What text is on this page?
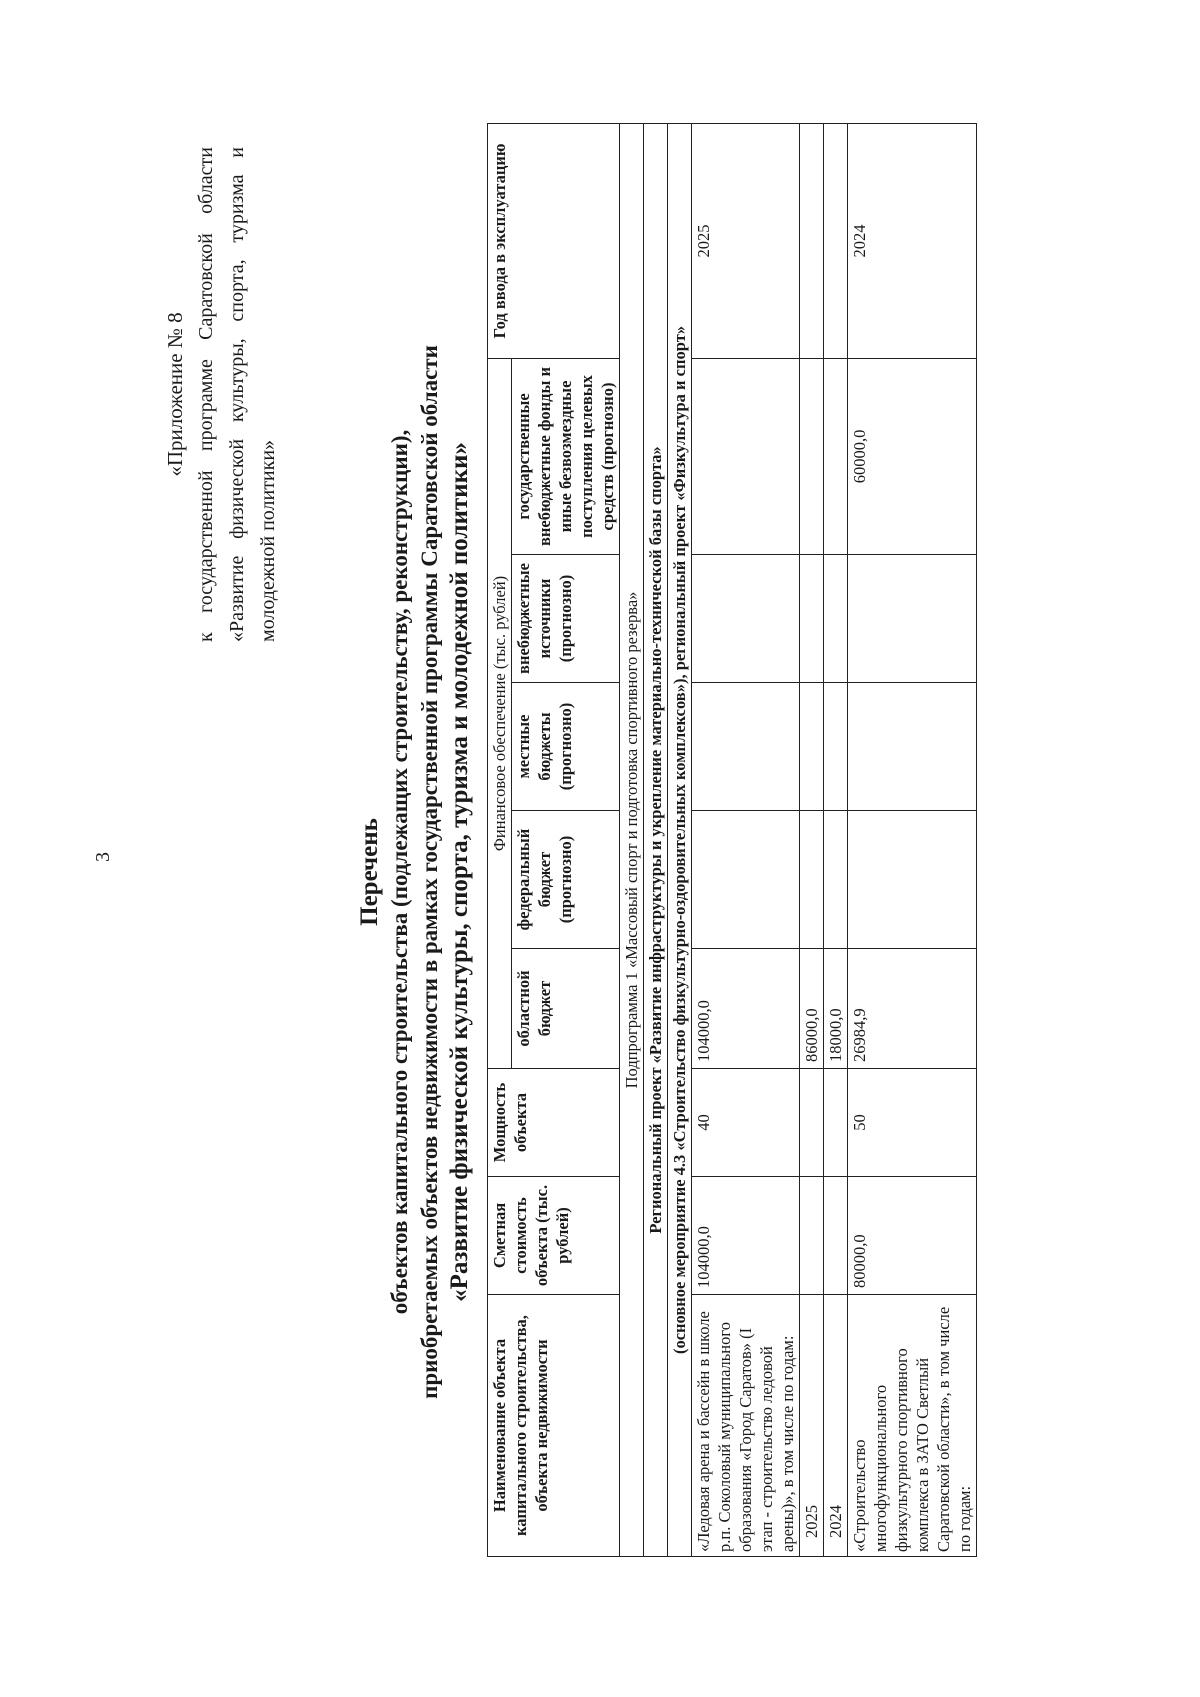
3
«Приложение № 8 к государственной программе Саратовской области «Развитие физической культуры, спорта, туризма и молодежной политики»
Перечень объектов капитального строительства (подлежащих строительству, реконструкции), приобретаемых объектов недвижимости в рамках государственной программы Саратовской области «Развитие физической культуры, спорта, туризма и молодежной политики»
Наименование объекта капитального строительства, объекта недвижимости	Сметная стоимость объекта (тыс. рублей)	Мощность объекта	Финансовое обеспечение (тыс. рублей)					Год ввода в эксплуатацию
			областной бюджет	федеральный бюджет (прогнозно)	местные бюджеты (прогнозно)	внебюджетные источники (прогнозно)	государственные внебюджетные фонды и иные безвозмездные поступления целевых средств (прогнозно)	
Подпрограмма 1 «Массовый спорт и подготовка спортивного резерва»								
Региональный проект «Развитие инфраструктуры и укрепление материально-технической базы спорта»								
(основное мероприятие 4.3 «Строительство физкультурно-оздоровительных комплексов»), региональный проект «Физкультура и спорт»								
«Ледовая арена и бассейн в школе р.п. Соколовый муниципального образования «Город Саратов» (I этап - строительство ледовой арены)», в том числе по годам:	104000,0	40	104000,0					2025
2025			86000,0					
2024			18000,0					
«Строительство многофункционального физкультурного спортивного комплекса в ЗАТО Светлый Саратовской области», в том числе по годам:	80000,0	50	26984,9				60000,0	2024
